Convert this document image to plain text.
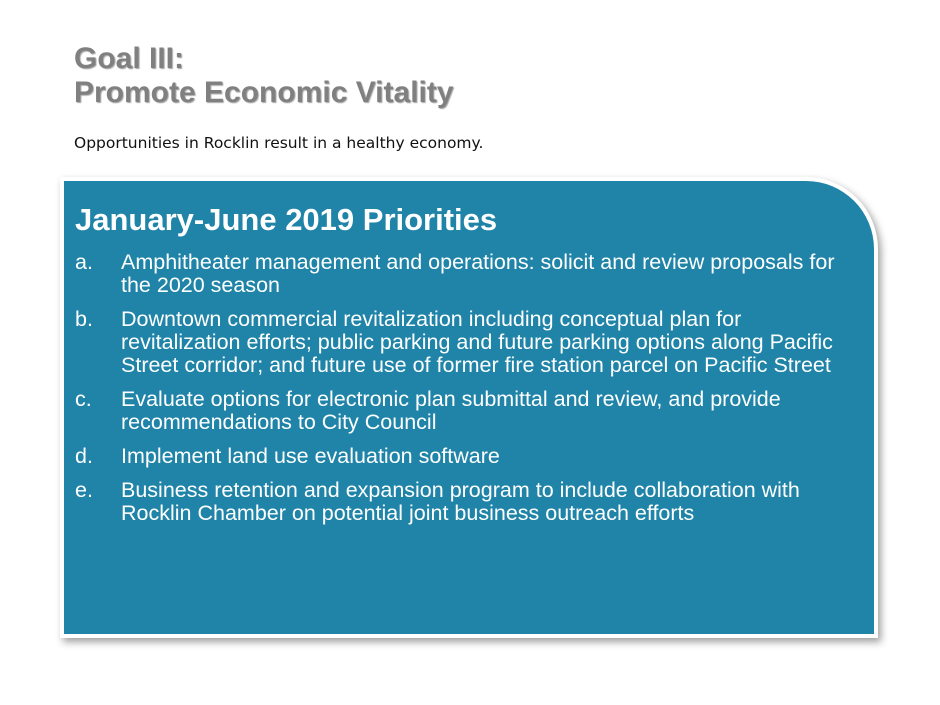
Goal III:
Promote Economic Vitality

Opportunities in Rocklin result in a healthy economy.

January-June 2019 Priorities
a. Amphitheater management and operations: solicit and review proposals for the 2020 season
b. Downtown commercial revitalization including conceptual plan for revitalization efforts; public parking and future parking options along Pacific Street corridor; and future use of former fire station parcel on Pacific Street
c. Evaluate options for electronic plan submittal and review, and provide recommendations to City Council
d. Implement land use evaluation software
e. Business retention and expansion program to include collaboration with Rocklin Chamber on potential joint business outreach efforts
